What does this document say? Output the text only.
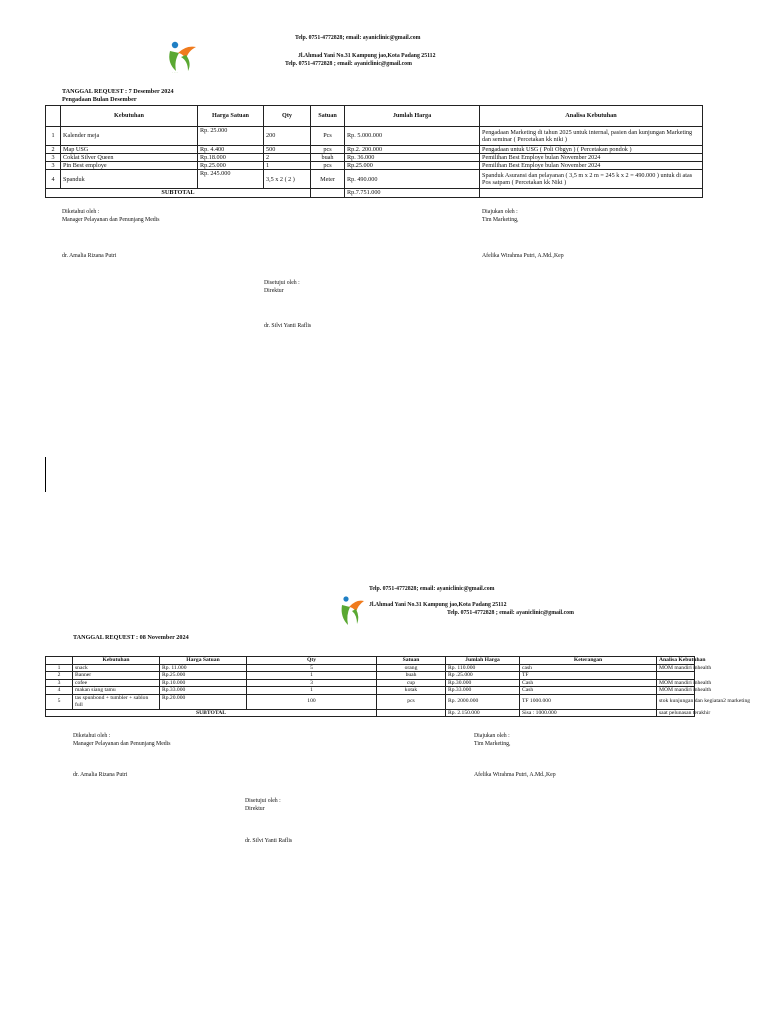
· · · ·
Telp. 0751-4772828; email: ayaniclinic@gmail.com
Jl.Ahmad Yani No.31 Kampung jao,Kota Padang 25112
Telp. 0751-4772828 ; email: ayaniclinic@gmail.com
TANGGAL REQUEST : 7 Desember 2024
Pengadaan Bulan Desember
	Kebutuhan	Harga Satuan	Qty	Satuan	Jumlah Harga	Analisa Kebutuhan
1	Kalender meja	Rp. 25.000	200	Pcs	Rp. 5.000.000	Pengadaan Marketing di tahun 2025 untuk internal, pasien dan kunjungan Marketing dan seminar ( Percetakan kk niki )
2	Map USG	Rp. 4.400	500	pcs	Rp.2. 200.000	Pengadaan untuk USG ( Poli Obgyn ) ( Percetakan pondok )
3	Coklat Silver Queen	Rp.18.000	2	buah	Rp. 36.000	Pemilihan Best Employe bulan November 2024
3	Pin Best employe	Rp.25.000	1	pcs	Rp.25.000	Pemilihan Best Employe bulan November 2024
4	Spanduk	Rp. 245.000	3,5 x 2 ( 2 )	Meter	Rp. 490.000	Spanduk Asuransi dan pelayanan ( 3,5 m x 2 m = 245 k x 2 = 490.000 ) untuk di atas Pos satpam ( Percetakan kk Niki )
SUBTOTAL					Rp.7.751.000	
Diketahui oleh :
Manager Pelayanan dan Penunjang Medis
dr. Amalia Rizana Putri
Diajukan oleh :
Tim Marketing,
Afelika Wirahma Putri, A.Md.,Kep
Disetujui oleh :
Direktur
dr. Silvi Yanti Raflis
Telp. 0751-4772828; email: ayaniclinic@gmail.com
Jl.Ahmad Yani No.31 Kampung jao,Kota Padang 25112
Telp. 0751-4772828 ; email: ayaniclinic@gmail.com
TANGGAL REQUEST : 08 November 2024
	Kebutuhan	Harga Satuan	Qty	Satuan	Jumlah Harga	Keterangan	Analisa Kebutuhan
1	snack	Rp. 11.000	5	orang	Rp. 110.000	cash	MOM mandiri inhealth
2	Banner	Rp.25.000	1	buah	Rp .25.000	TF	
3	cofee	Rp.10.000	3	cup	Rp.30.000	Cash	MOM mandiri inhealth
4	makan siang tamu	Rp.33.000	1	kotak	Rp.33.000	Cash	MOM mandiri inhealth
5	tas spunbond + tumbler + sablon full	Rp.20.000	100	pcs	Rp. 2000.000	TF 1000.000	stok kunjungan dan kegiatan2 marketing
SUBTOTAL					Rp. 2.150.000	Sisa : 1000.000	saat pelunasan terakhir
Diketahui oleh :
Manager Pelayanan dan Penunjang Medis
dr. Amalia Rizana Putri
Diajukan oleh :
Tim Marketing,
Afelika Wirahma Putri, A.Md.,Kep
Disetujui oleh :
Direktur
dr. Silvi Yanti Raflis
